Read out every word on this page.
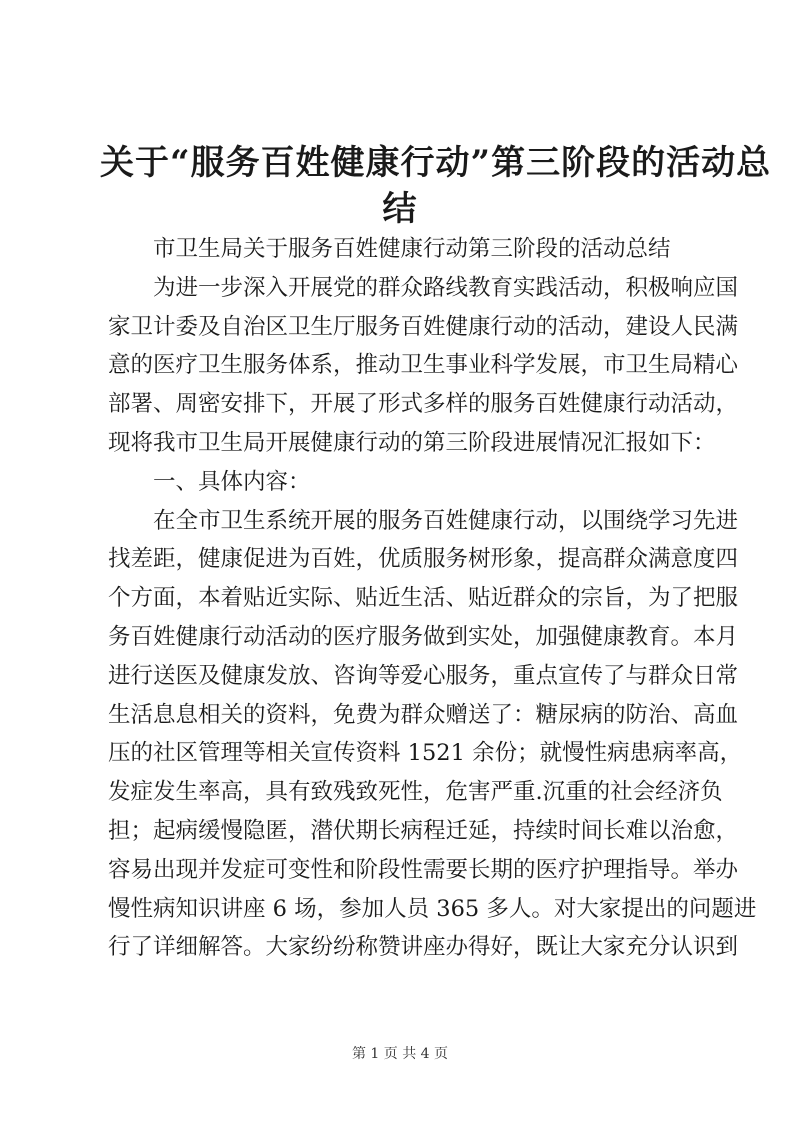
关于“服务百姓健康行动”第三阶段的活动总
结
市卫生局关于服务百姓健康行动第三阶段的活动总结
为进一步深入开展党的群众路线教育实践活动，积极响应国
家卫计委及自治区卫生厅服务百姓健康行动的活动，建设人民满
意的医疗卫生服务体系，推动卫生事业科学发展，市卫生局精心
部署、周密安排下，开展了形式多样的服务百姓健康行动活动，
现将我市卫生局开展健康行动的第三阶段进展情况汇报如下：
一、具体内容：
在全市卫生系统开展的服务百姓健康行动，以围绕学习先进
找差距，健康促进为百姓，优质服务树形象，提高群众满意度四
个方面，本着贴近实际、贴近生活、贴近群众的宗旨，为了把服
务百姓健康行动活动的医疗服务做到实处，加强健康教育。本月
进行送医及健康发放、咨询等爱心服务，重点宣传了与群众日常
生活息息相关的资料，免费为群众赠送了：糖尿病的防治、高血
压的社区管理等相关宣传资料 1521 余份；就慢性病患病率高，
发症发生率高，具有致残致死性，危害严重.沉重的社会经济负
担；起病缓慢隐匿，潜伏期长病程迁延，持续时间长难以治愈，
容易出现并发症可变性和阶段性需要长期的医疗护理指导。举办
慢性病知识讲座 6 场，参加人员 365 多人。对大家提出的问题进
行了详细解答。大家纷纷称赞讲座办得好，既让大家充分认识到
第 1 页 共 4 页
